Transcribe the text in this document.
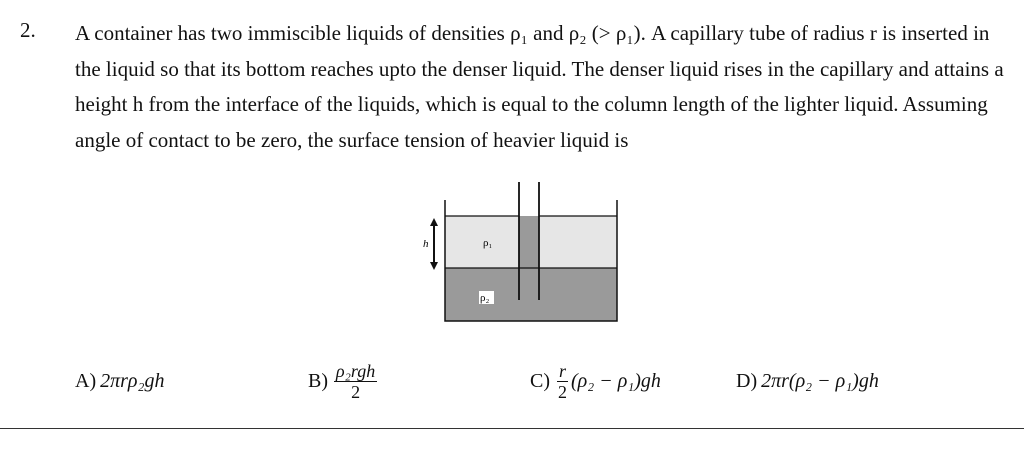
2. A container has two immiscible liquids of densities ρ₁ and ρ₂ (> ρ₁). A capillary tube of radius r is inserted in the liquid so that its bottom reaches upto the denser liquid. The denser liquid rises in the capillary and attains a height h from the interface of the liquids, which is equal to the column length of the lighter liquid. Assuming angle of contact to be zero, the surface tension of heavier liquid is

h	ρ₁
ρ₂
A) 2πrρ₂gh	$B) \frac{\text{ρ₂rgh}}{2}$	$C) \frac{r}{2} (\rho_2 - \rho_1)gh$	D) 2πr(ρ₂ − ρ₁)gh
